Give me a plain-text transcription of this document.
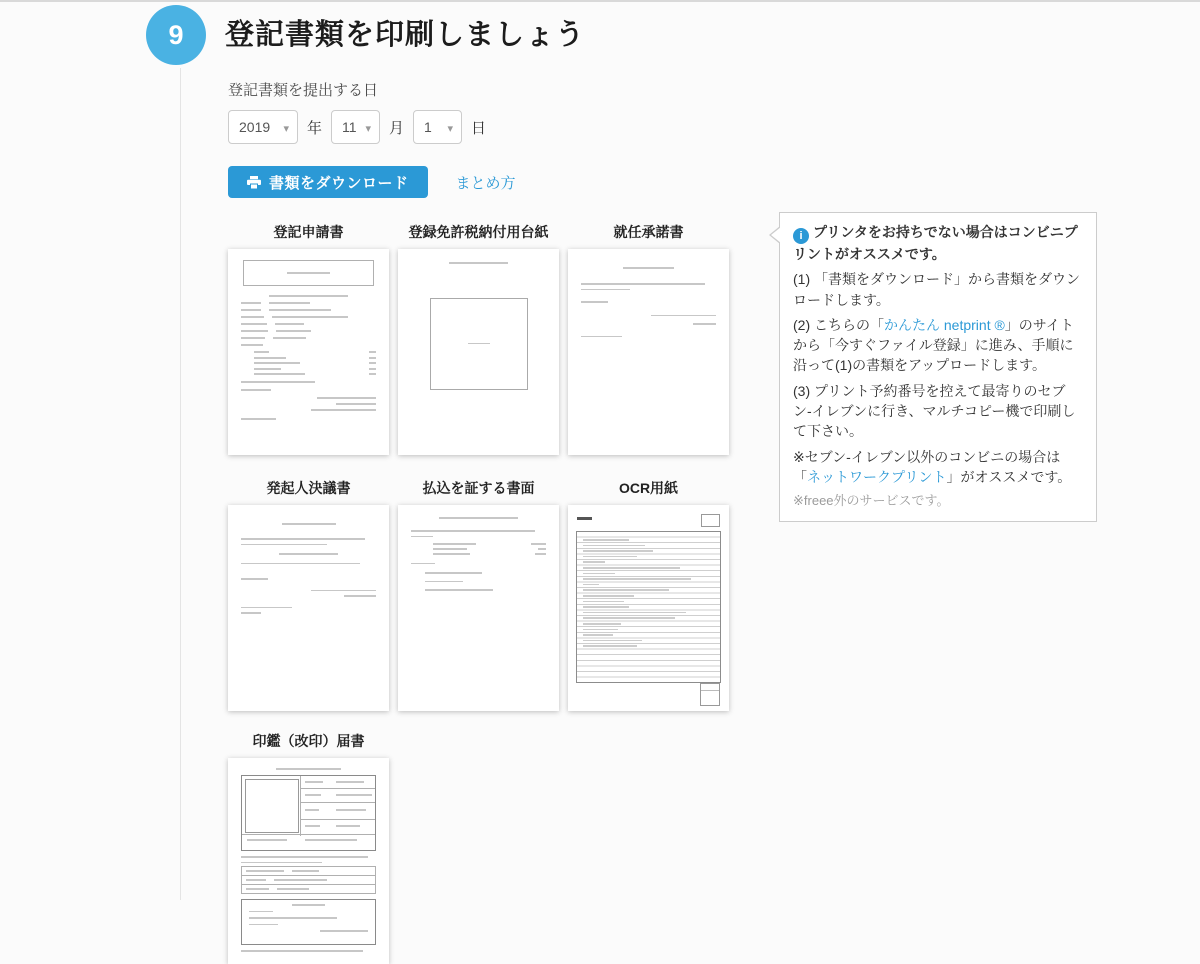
9	登記書類を印刷しましょう
登記書類を提出する日
2019 ▾ 年 11 ▾ 月 1 ▾	日
書類をダウンロード	まとめ方
登記申請書	登録免許税納付用台紙	就任承諾書
発起人決議書	払込を証する書面	OCR用紙
印鑑（改印）届書

iプリンタをお持ちでない場合はコンビニプリントがオススメです。

(1) 「書類をダウンロード」から書類をダウンロードします。

(2) こちらの「かんたん netprint ®」のサイトから「今すぐファイル登録」に進み、手順に沿って(1)の書類をアップロードします。

(3) プリント予約番号を控えて最寄りのセブン-イレブンに行き、マルチコピー機で印刷して下さい。

※セブン-イレブン以外のコンビニの場合は「ネットワークプリント」がオススメです。

※freee外のサービスです。
